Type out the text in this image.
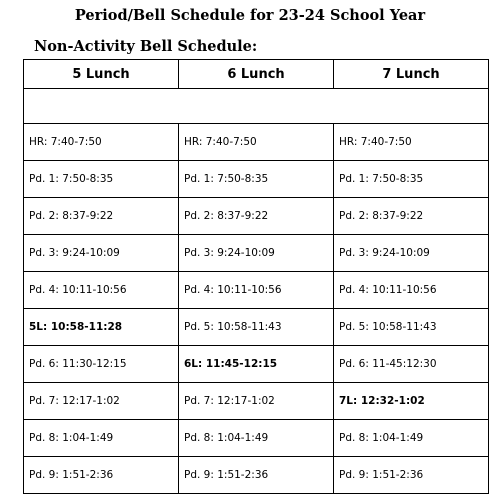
Period/Bell Schedule for 23-24 School Year
Non-Activity Bell Schedule:
5 Lunch	6 Lunch	7 Lunch

HR: 7:40-7:50	HR: 7:40-7:50	HR: 7:40-7:50
Pd. 1: 7:50-8:35	Pd. 1: 7:50-8:35	Pd. 1: 7:50-8:35
Pd. 2: 8:37-9:22	Pd. 2: 8:37-9:22	Pd. 2: 8:37-9:22
Pd. 3: 9:24-10:09	Pd. 3: 9:24-10:09	Pd. 3: 9:24-10:09
Pd. 4: 10:11-10:56	Pd. 4: 10:11-10:56	Pd. 4: 10:11-10:56
5L: 10:58-11:28	Pd. 5: 10:58-11:43	Pd. 5: 10:58-11:43
Pd. 6: 11:30-12:15	6L: 11:45-12:15	Pd. 6: 11-45:12:30
Pd. 7: 12:17-1:02	Pd. 7: 12:17-1:02	7L: 12:32-1:02
Pd. 8: 1:04-1:49	Pd. 8: 1:04-1:49	Pd. 8: 1:04-1:49
Pd. 9: 1:51-2:36	Pd. 9: 1:51-2:36	Pd. 9: 1:51-2:36
